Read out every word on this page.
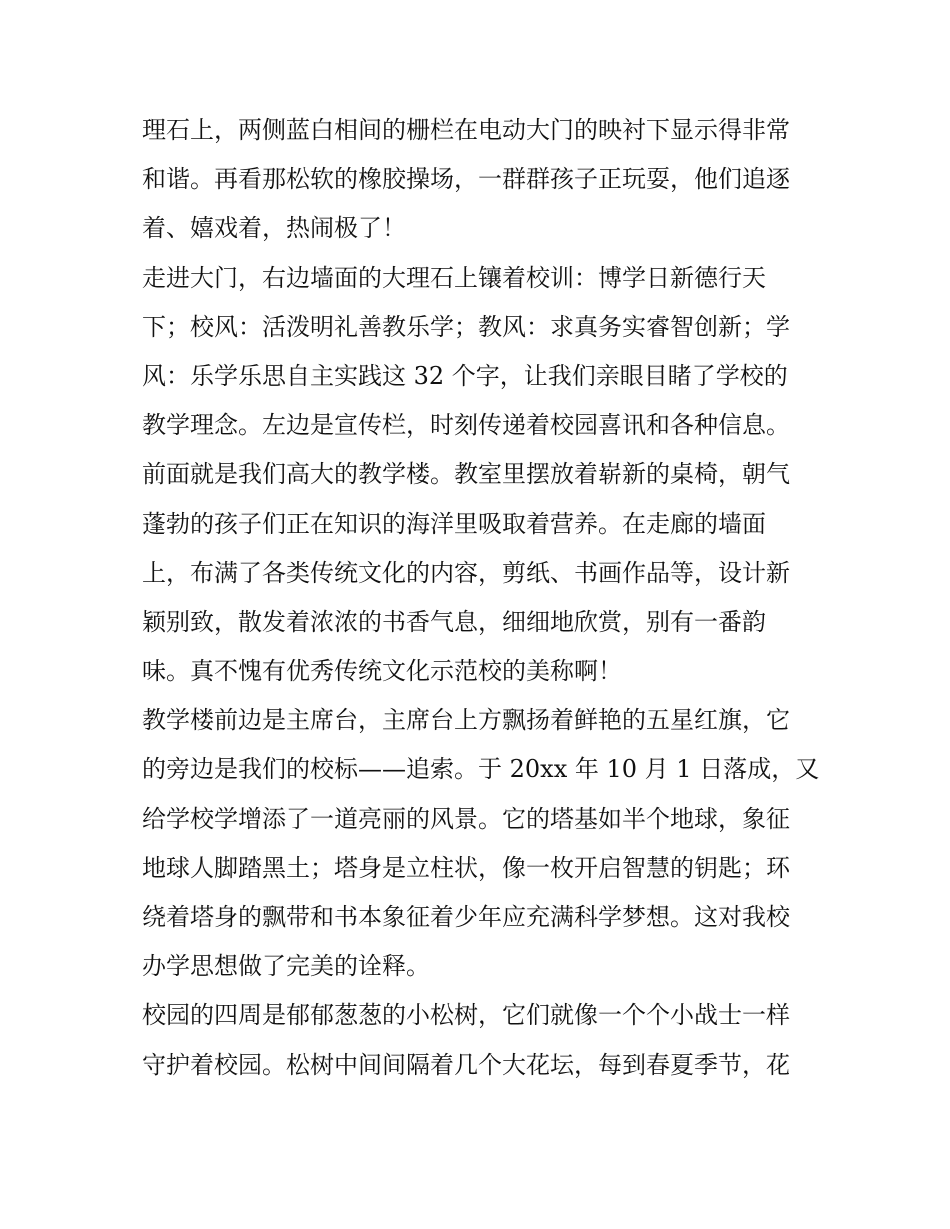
理石上，两侧蓝白相间的栅栏在电动大门的映衬下显示得非常
和谐。再看那松软的橡胶操场，一群群孩子正玩耍，他们追逐
着、嬉戏着，热闹极了！
走进大门，右边墙面的大理石上镶着校训：博学日新德行天
下；校风：活泼明礼善教乐学；教风：求真务实睿智创新；学
风：乐学乐思自主实践这 32 个字，让我们亲眼目睹了学校的
教学理念。左边是宣传栏，时刻传递着校园喜讯和各种信息。
前面就是我们高大的教学楼。教室里摆放着崭新的桌椅，朝气
蓬勃的孩子们正在知识的海洋里吸取着营养。在走廊的墙面
上，布满了各类传统文化的内容，剪纸、书画作品等，设计新
颖别致，散发着浓浓的书香气息，细细地欣赏，别有一番韵
味。真不愧有优秀传统文化示范校的美称啊！
教学楼前边是主席台，主席台上方飘扬着鲜艳的五星红旗，它
的旁边是我们的校标——追索。于 20xx 年 10 月 1 日落成，又
给学校学增添了一道亮丽的风景。它的塔基如半个地球，象征
地球人脚踏黑土；塔身是立柱状，像一枚开启智慧的钥匙；环
绕着塔身的飘带和书本象征着少年应充满科学梦想。这对我校
办学思想做了完美的诠释。
校园的四周是郁郁葱葱的小松树，它们就像一个个小战士一样
守护着校园。松树中间间隔着几个大花坛，每到春夏季节，花
